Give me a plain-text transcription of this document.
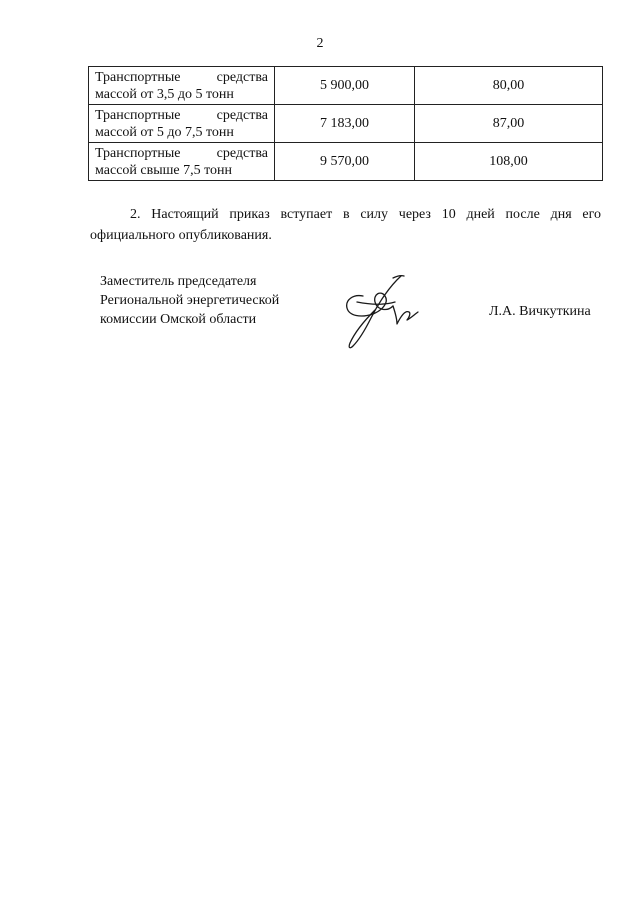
2
Транспортные средства массой от 3,5 до 5 тонн	5 900,00	80,00
Транспортные средства массой от 5 до 7,5 тонн	7 183,00	87,00
Транспортные средства массой свыше 7,5 тонн	9 570,00	108,00

2. Настоящий приказ вступает в силу через 10 дней после дня его официального опубликования.

Заместитель председателя
Региональной энергетической
комиссии Омской области
Л.А. Вичкуткина
